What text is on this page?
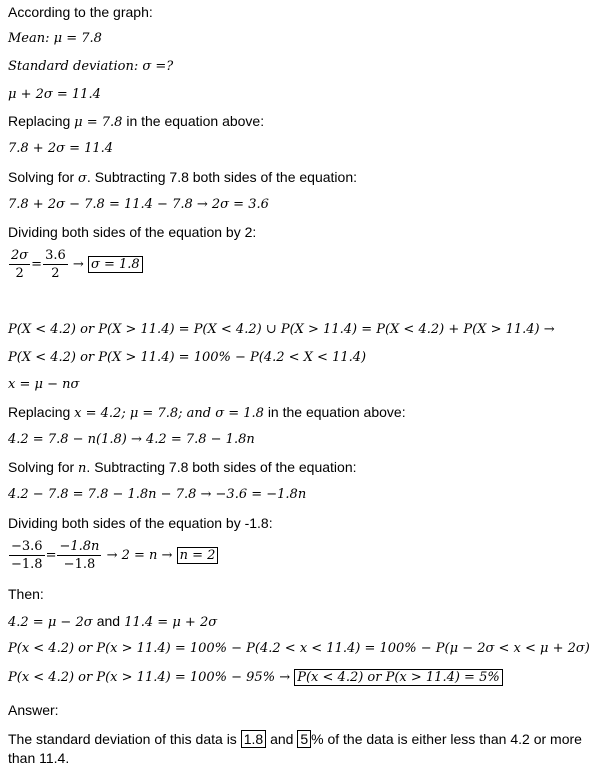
According to the graph:
Mean: μ = 7.8
Standard deviation: σ =?
μ + 2σ = 11.4
Replacing μ = 7.8 in the equation above:
7.8 + 2σ = 11.4
Solving for σ. Subtracting 7.8 both sides of the equation:
7.8 + 2σ − 7.8 = 11.4 − 7.8 → 2σ = 3.6
Dividing both sides of the equation by 2:
$\frac{2\sigma}{2} = \frac{3.6}{2} \to \sigma = 1.8$
P(X < 4.2) or P(X > 11.4) = P(X < 4.2) ∪ P(X > 11.4) = P(X < 4.2) + P(X > 11.4) →
P(X < 4.2) or P(X > 11.4) = 100% − P(4.2 < X < 11.4)
x = μ − nσ
Replacing x = 4.2; μ = 7.8; and σ = 1.8 in the equation above:
4.2 = 7.8 − n(1.8) → 4.2 = 7.8 − 1.8n
Solving for n. Subtracting 7.8 both sides of the equation:
4.2 − 7.8 = 7.8 − 1.8n − 7.8 → −3.6 = −1.8n
Dividing both sides of the equation by -1.8:
$\frac{-3.6}{-1.8} = \frac{-1.8n}{-1.8} \to 2 = n \to n = 2$
Then:
4.2 = μ − 2σ and 11.4 = μ + 2σ
P(x < 4.2) or P(x > 11.4) = 100% − P(4.2 < x < 11.4) = 100% − P(μ − 2σ < x < μ + 2σ)
P(x < 4.2) or P(x > 11.4) = 100% − 95% → P(x < 4.2) or P(x > 11.4) = 5%
Answer:
The standard deviation of this data is 1.8 and 5 % of the data is either less than 4.2 or more than 11.4.
